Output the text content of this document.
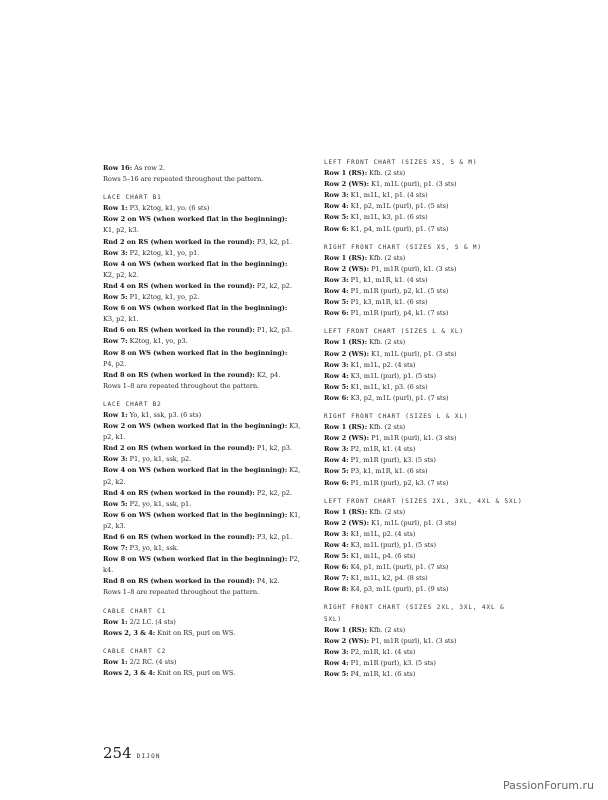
Row 16: As row 2.
Rows 5–16 are repeated throughout the pattern.
LACE CHART B1
Row 1: P3, k2tog, k1, yo. (6 sts)
Row 2 on WS (when worked flat in the beginning):
K1, p2, k3.
Rnd 2 on RS (when worked in the round): P3, k2, p1.
Row 3: P2, k2tog, k1, yo, p1.
Row 4 on WS (when worked flat in the beginning):
K2, p2, k2.
Rnd 4 on RS (when worked in the round): P2, k2, p2.
Row 5: P1, k2tog, k1, yo, p2.
Row 6 on WS (when worked flat in the beginning):
K3, p2, k1.
Rnd 6 on RS (when worked in the round): P1, k2, p3.
Row 7: K2tog, k1, yo, p3.
Row 8 on WS (when worked flat in the beginning):
P4, p2.
Rnd 8 on RS (when worked in the round): K2, p4.
Rows 1–8 are repeated throughout the pattern.
LACE CHART B2
Row 1: Yo, k1, ssk, p3. (6 sts)
Row 2 on WS (when worked flat in the beginning): K3,
p2, k1.
Rnd 2 on RS (when worked in the round): P1, k2, p3.
Row 3: P1, yo, k1, ssk, p2.
Row 4 on WS (when worked flat in the beginning): K2,
p2, k2.
Rnd 4 on RS (when worked in the round): P2, k2, p2.
Row 5: P2, yo, k1, ssk, p1.
Row 6 on WS (when worked flat in the beginning): K1,
p2, k3.
Rnd 6 on RS (when worked in the round): P3, k2, p1.
Row 7: P3, yo, k1, ssk.
Row 8 on WS (when worked flat in the beginning): P2,
k4.
Rnd 8 on RS (when worked in the round): P4, k2.
Rows 1–8 are repeated throughout the pattern.
CABLE CHART C1
Row 1: 2/2 LC. (4 sts)
Rows 2, 3 & 4: Knit on RS, purl on WS.
CABLE CHART C2
Row 1: 2/2 RC. (4 sts)
Rows 2, 3 & 4: Knit on RS, purl on WS.
LEFT FRONT CHART (SIZES XS, S & M)
Row 1 (RS): Kfb. (2 sts)
Row 2 (WS): K1, m1L (purl), p1. (3 sts)
Row 3: K1, m1L, k1, p1. (4 sts)
Row 4: K1, p2, m1L (purl), p1. (5 sts)
Row 5: K1, m1L, k3, p1. (6 sts)
Row 6: K1, p4, m1L (purl), p1. (7 sts)
RIGHT FRONT CHART (SIZES XS, S & M)
Row 1 (RS): Kfb. (2 sts)
Row 2 (WS): P1, m1R (purl), k1. (3 sts)
Row 3: P1, k1, m1R, k1. (4 sts)
Row 4: P1, m1R (purl), p2, k1. (5 sts)
Row 5: P1, k3, m1R, k1. (6 sts)
Row 6: P1, m1R (purl), p4, k1. (7 sts)
LEFT FRONT CHART (SIZES L & XL)
Row 1 (RS): Kfb. (2 sts)
Row 2 (WS): K1, m1L (purl), p1. (3 sts)
Row 3: K1, m1L, p2. (4 sts)
Row 4: K3, m1L (purl), p1. (5 sts)
Row 5: K1, m1L, k1, p3. (6 sts)
Row 6: K3, p2, m1L (purl), p1. (7 sts)
RIGHT FRONT CHART (SIZES L & XL)
Row 1 (RS): Kfb. (2 sts)
Row 2 (WS): P1, m1R (purl), k1. (3 sts)
Row 3: P2, m1R, k1. (4 sts)
Row 4: P1, m1R (purl), k3. (5 sts)
Row 5: P3, k1, m1R, k1. (6 sts)
Row 6: P1, m1R (purl), p2, k3. (7 sts)
LEFT FRONT CHART (SIZES 2XL, 3XL, 4XL & 5XL)
Row 1 (RS): Kfb. (2 sts)
Row 2 (WS): K1, m1L (purl), p1. (3 sts)
Row 3: K1, m1L, p2. (4 sts)
Row 4: K3, m1L (purl), p1. (5 sts)
Row 5: K1, m1L, p4. (6 sts)
Row 6: K4, p1, m1L (purl), p1. (7 sts)
Row 7: K1, m1L, k2, p4. (8 sts)
Row 8: K4, p3, m1L (purl), p1. (9 sts)
RIGHT FRONT CHART (SIZES 2XL, 3XL, 4XL & 5XL)
Row 1 (RS): Kfb. (2 sts)
Row 2 (WS): P1, m1R (purl), k1. (3 sts)
Row 3: P2, m1R, k1. (4 sts)
Row 4: P1, m1R (purl), k3. (5 sts)
Row 5: P4, m1R, k1. (6 sts)
254 DIJON
PassionForum.ru
